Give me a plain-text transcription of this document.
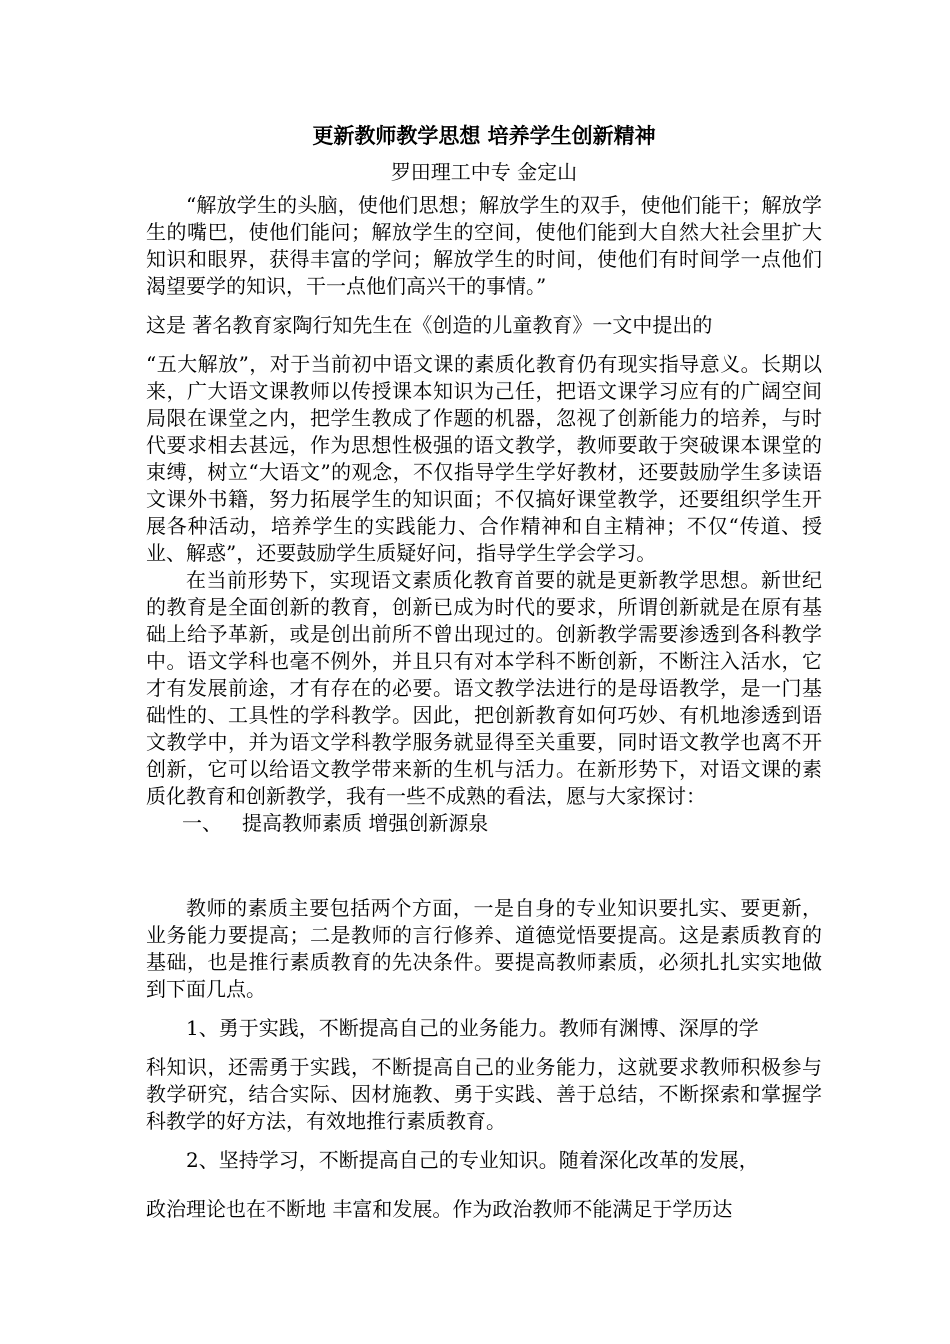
更新教师教学思想 培养学生创新精神
罗田理工中专 金定山

“解放学生的头脑，使他们思想；解放学生的双手，使他们能干；解放学生的嘴巴，使他们能问；解放学生的空间，使他们能到大自然大社会里扩大知识和眼界，获得丰富的学问；解放学生的时间，使他们有时间学一点他们渴望要学的知识，干一点他们高兴干的事情。”

这是 著名教育家陶行知先生在《创造的儿童教育》一文中提出的

“五大解放”，对于当前初中语文课的素质化教育仍有现实指导意义。长期以来，广大语文课教师以传授课本知识为己任，把语文课学习应有的广阔空间局限在课堂之内，把学生教成了作题的机器，忽视了创新能力的培养，与时代要求相去甚远，作为思想性极强的语文教学，教师要敢于突破课本课堂的束缚，树立“大语文”的观念，不仅指导学生学好教材，还要鼓励学生多读语文课外书籍，努力拓展学生的知识面；不仅搞好课堂教学，还要组织学生开展各种活动，培养学生的实践能力、合作精神和自主精神；不仅“传道、授业、解惑”，还要鼓励学生质疑好问，指导学生学会学习。

在当前形势下，实现语文素质化教育首要的就是更新教学思想。新世纪的教育是全面创新的教育，创新已成为时代的要求，所谓创新就是在原有基础上给予革新，或是创出前所不曾出现过的。创新教学需要渗透到各科教学中。语文学科也毫不例外，并且只有对本学科不断创新，不断注入活水，它才有发展前途，才有存在的必要。语文教学法进行的是母语教学，是一门基础性的、工具性的学科教学。因此，把创新教育如何巧妙、有机地渗透到语文教学中，并为语文学科教学服务就显得至关重要，同时语文教学也离不开创新，它可以给语文教学带来新的生机与活力。在新形势下，对语文课的素质化教育和创新教学，我有一些不成熟的看法，愿与大家探讨：

一、 提高教师素质 增强创新源泉

教师的素质主要包括两个方面，一是自身的专业知识要扎实、要更新，业务能力要提高；二是教师的言行修养、道德觉悟要提高。这是素质教育的基础，也是推行素质教育的先决条件。要提高教师素质，必须扎扎实实地做到下面几点。

1、勇于实践，不断提高自己的业务能力。教师有渊博、深厚的学

科知识，还需勇于实践，不断提高自己的业务能力，这就要求教师积极参与教学研究，结合实际、因材施教、勇于实践、善于总结，不断探索和掌握学科教学的好方法，有效地推行素质教育。

2、坚持学习，不断提高自己的专业知识。随着深化改革的发展，

政治理论也在不断地 丰富和发展。作为政治教师不能满足于学历达
